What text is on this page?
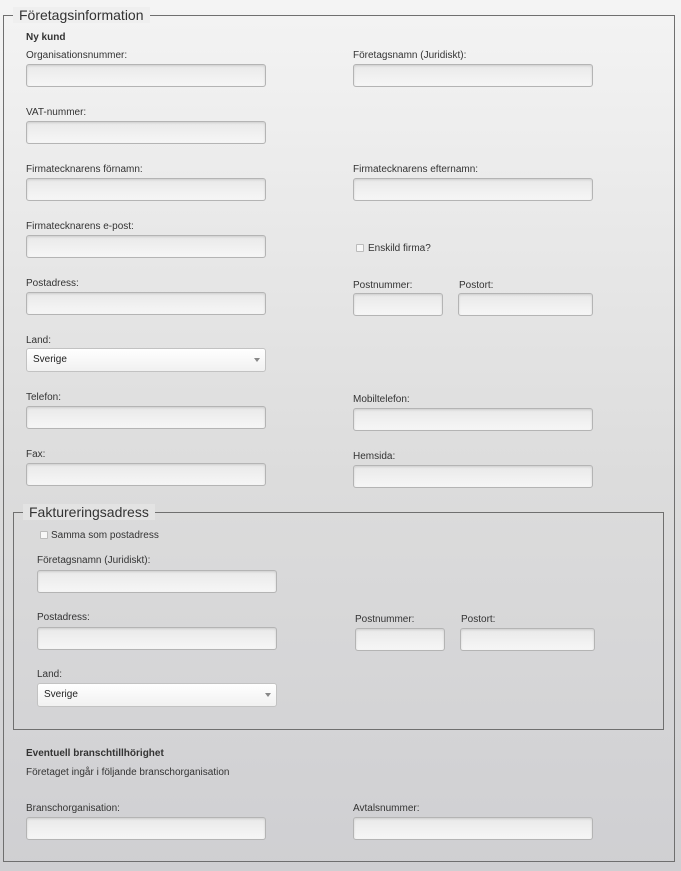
Företagsinformation
Ny kund
Organisationsnummer:	Företagsnamn (Juridiskt):
VAT-nummer:
Firmatecknarens förnamn:	Firmatecknarens efternamn:
Firmatecknarens e-post:
Enskild firma?
Postadress:	Postnummer:	Postort:
Land:
Sverige
Telefon:	Mobiltelefon:
Fax:	Hemsida:
Faktureringsadress
Samma som postadress
Företagsnamn (Juridiskt):
Postadress:	Postnummer:	Postort:
Land:
Sverige
Eventuell branschtillhörighet
Företaget ingår i följande branschorganisation
Branschorganisation:	Avtalsnummer:
